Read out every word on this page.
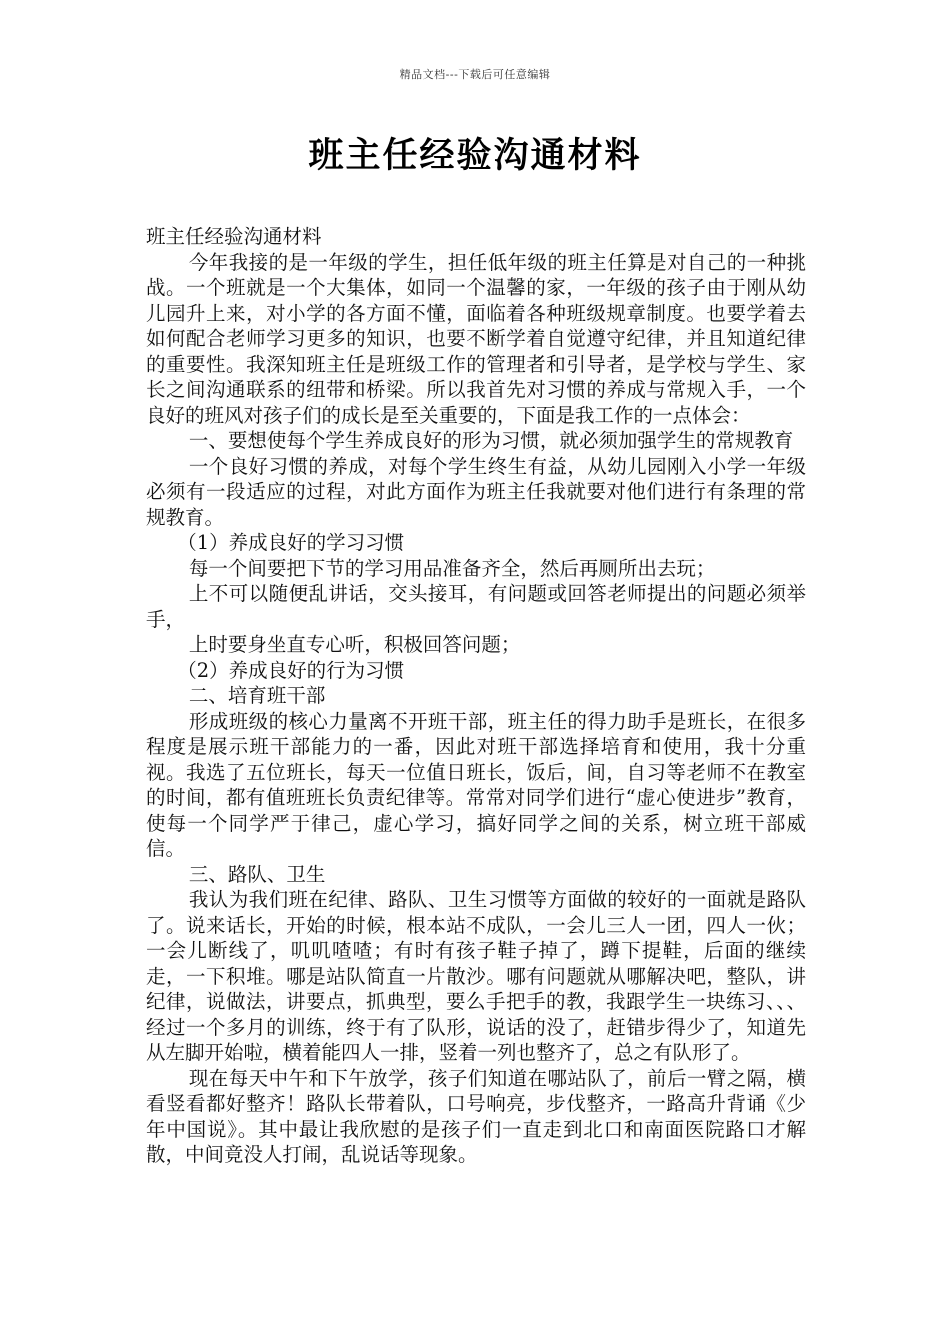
精品文档---下载后可任意编辑
班主任经验沟通材料

班主任经验沟通材料

今年我接的是一年级的学生，担任低年级的班主任算是对自己的一种挑战。一个班就是一个大集体，如同一个温馨的家，一年级的孩子由于刚从幼儿园升上来，对小学的各方面不懂，面临着各种班级规章制度。也要学着去如何配合老师学习更多的知识，也要不断学着自觉遵守纪律，并且知道纪律的重要性。我深知班主任是班级工作的管理者和引导者，是学校与学生、家长之间沟通联系的纽带和桥梁。所以我首先对习惯的养成与常规入手，一个良好的班风对孩子们的成长是至关重要的，下面是我工作的一点体会：

一、要想使每个学生养成良好的形为习惯，就必须加强学生的常规教育

一个良好习惯的养成，对每个学生终生有益，从幼儿园刚入小学一年级必须有一段适应的过程，对此方面作为班主任我就要对他们进行有条理的常规教育。

（1）养成良好的学习习惯

每一个间要把下节的学习用品准备齐全，然后再厕所出去玩；

上不可以随便乱讲话，交头接耳，有问题或回答老师提出的问题必须举手，

上时要身坐直专心听，积极回答问题；

（2）养成良好的行为习惯

二、培育班干部

形成班级的核心力量离不开班干部，班主任的得力助手是班长，在很多程度是展示班干部能力的一番，因此对班干部选择培育和使用，我十分重视。我选了五位班长，每天一位值日班长，饭后，间，自习等老师不在教室的时间，都有值班班长负责纪律等。常常对同学们进行“虚心使进步”教育，使每一个同学严于律己，虚心学习，搞好同学之间的关系，树立班干部威信。

三、路队、卫生

我认为我们班在纪律、路队、卫生习惯等方面做的较好的一面就是路队了。说来话长，开始的时候，根本站不成队，一会儿三人一团，四人一伙；一会儿断线了，叽叽喳喳；有时有孩子鞋子掉了，蹲下提鞋，后面的继续走，一下积堆。哪是站队简直一片散沙。哪有问题就从哪解决吧，整队，讲纪律，说做法，讲要点，抓典型，要么手把手的教，我跟学生一块练习、、、经过一个多月的训练，终于有了队形，说话的没了，赶错步得少了，知道先从左脚开始啦，横着能四人一排，竖着一列也整齐了，总之有队形了。

现在每天中午和下午放学，孩子们知道在哪站队了，前后一臂之隔，横看竖看都好整齐！路队长带着队，口号响亮，步伐整齐，一路高升背诵《少年中国说》。其中最让我欣慰的是孩子们一直走到北口和南面医院路口才解散，中间竟没人打闹，乱说话等现象。
